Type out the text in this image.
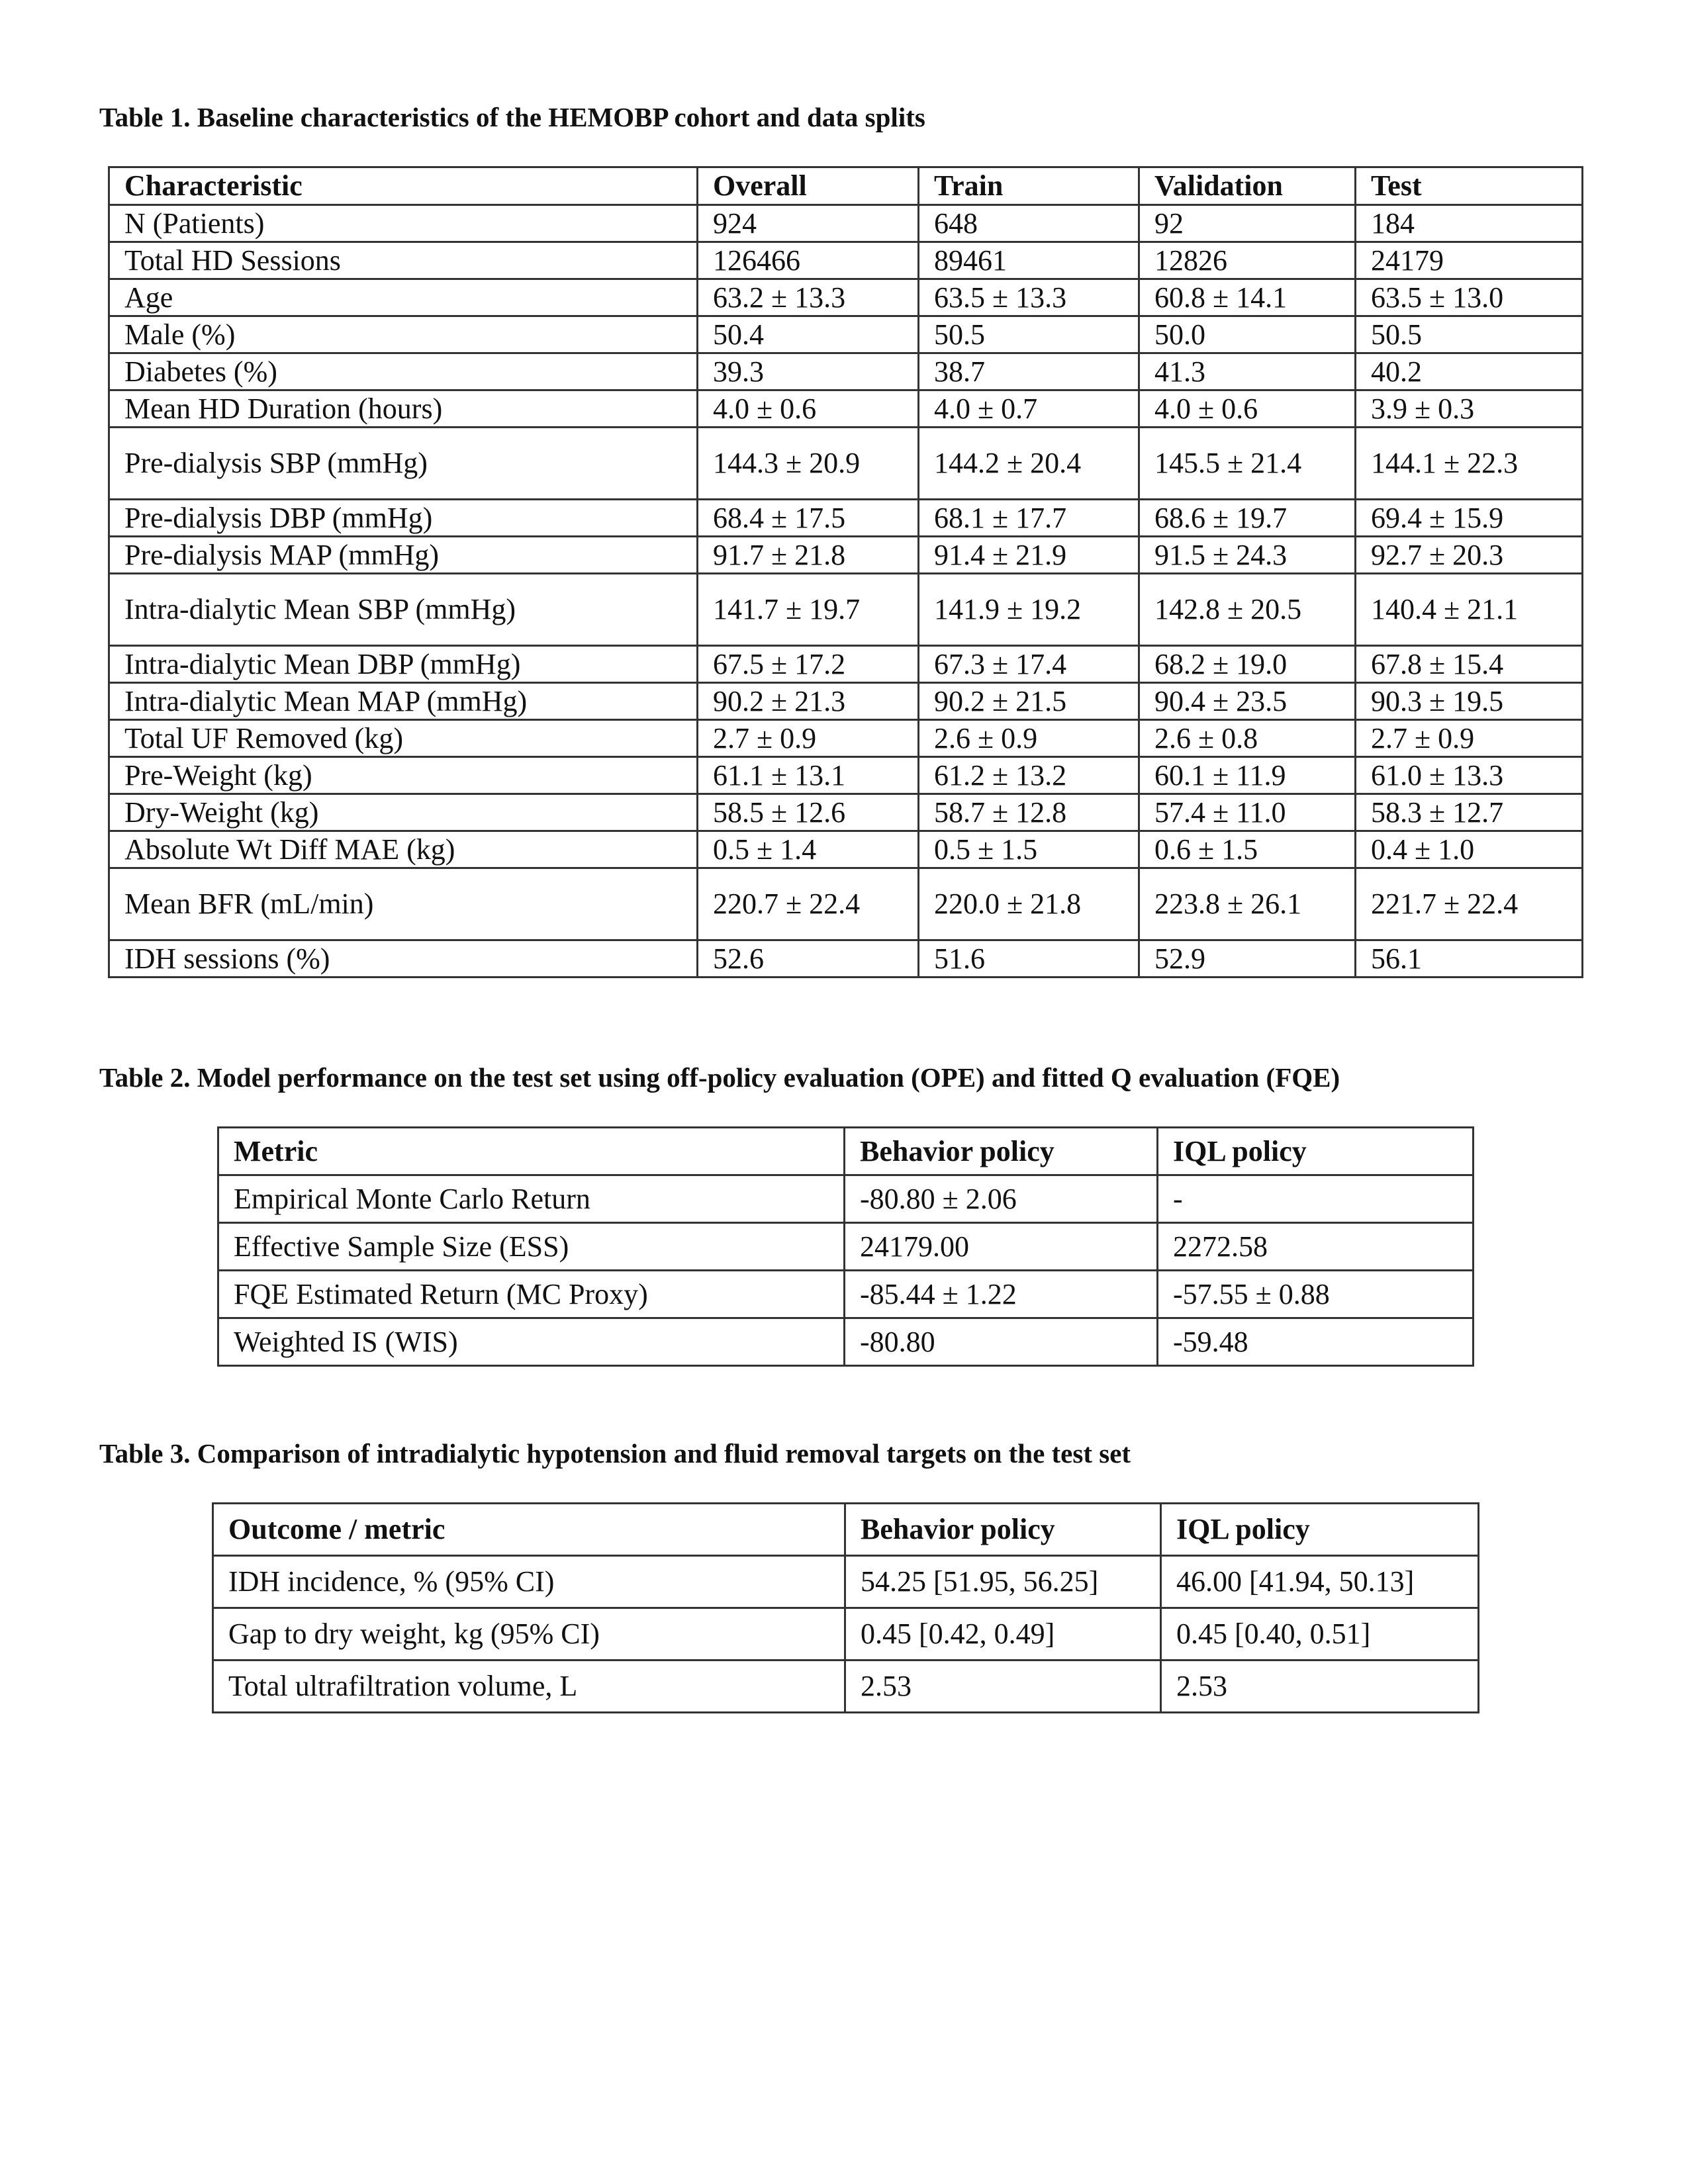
Table 1. Baseline characteristics of the HEMOBP cohort and data splits

Characteristic	Overall	Train	Validation	Test
N (Patients)	924	648	92	184
Total HD Sessions	126466	89461	12826	24179
Age	63.2 ± 13.3	63.5 ± 13.3	60.8 ± 14.1	63.5 ± 13.0
Male (%)	50.4	50.5	50.0	50.5
Diabetes (%)	39.3	38.7	41.3	40.2
Mean HD Duration (hours)	4.0 ± 0.6	4.0 ± 0.7	4.0 ± 0.6	3.9 ± 0.3
Pre-dialysis SBP (mmHg)	144.3 ± 20.9	144.2 ± 20.4	145.5 ± 21.4	144.1 ± 22.3
Pre-dialysis DBP (mmHg)	68.4 ± 17.5	68.1 ± 17.7	68.6 ± 19.7	69.4 ± 15.9
Pre-dialysis MAP (mmHg)	91.7 ± 21.8	91.4 ± 21.9	91.5 ± 24.3	92.7 ± 20.3
Intra-dialytic Mean SBP (mmHg)	141.7 ± 19.7	141.9 ± 19.2	142.8 ± 20.5	140.4 ± 21.1
Intra-dialytic Mean DBP (mmHg)	67.5 ± 17.2	67.3 ± 17.4	68.2 ± 19.0	67.8 ± 15.4
Intra-dialytic Mean MAP (mmHg)	90.2 ± 21.3	90.2 ± 21.5	90.4 ± 23.5	90.3 ± 19.5
Total UF Removed (kg)	2.7 ± 0.9	2.6 ± 0.9	2.6 ± 0.8	2.7 ± 0.9
Pre-Weight (kg)	61.1 ± 13.1	61.2 ± 13.2	60.1 ± 11.9	61.0 ± 13.3
Dry-Weight (kg)	58.5 ± 12.6	58.7 ± 12.8	57.4 ± 11.0	58.3 ± 12.7
Absolute Wt Diff MAE (kg)	0.5 ± 1.4	0.5 ± 1.5	0.6 ± 1.5	0.4 ± 1.0
Mean BFR (mL/min)	220.7 ± 22.4	220.0 ± 21.8	223.8 ± 26.1	221.7 ± 22.4
IDH sessions (%)	52.6	51.6	52.9	56.1

Table 2. Model performance on the test set using off-policy evaluation (OPE) and fitted Q evaluation (FQE)

Metric	Behavior policy	IQL policy
Empirical Monte Carlo Return	-80.80 ± 2.06	-
Effective Sample Size (ESS)	24179.00	2272.58
FQE Estimated Return (MC Proxy)	-85.44 ± 1.22	-57.55 ± 0.88
Weighted IS (WIS)	-80.80	-59.48

Table 3. Comparison of intradialytic hypotension and fluid removal targets on the test set

Outcome / metric	Behavior policy	IQL policy
IDH incidence, % (95% CI)	54.25 [51.95, 56.25]	46.00 [41.94, 50.13]
Gap to dry weight, kg (95% CI)	0.45 [0.42, 0.49]	0.45 [0.40, 0.51]
Total ultrafiltration volume, L	2.53	2.53
